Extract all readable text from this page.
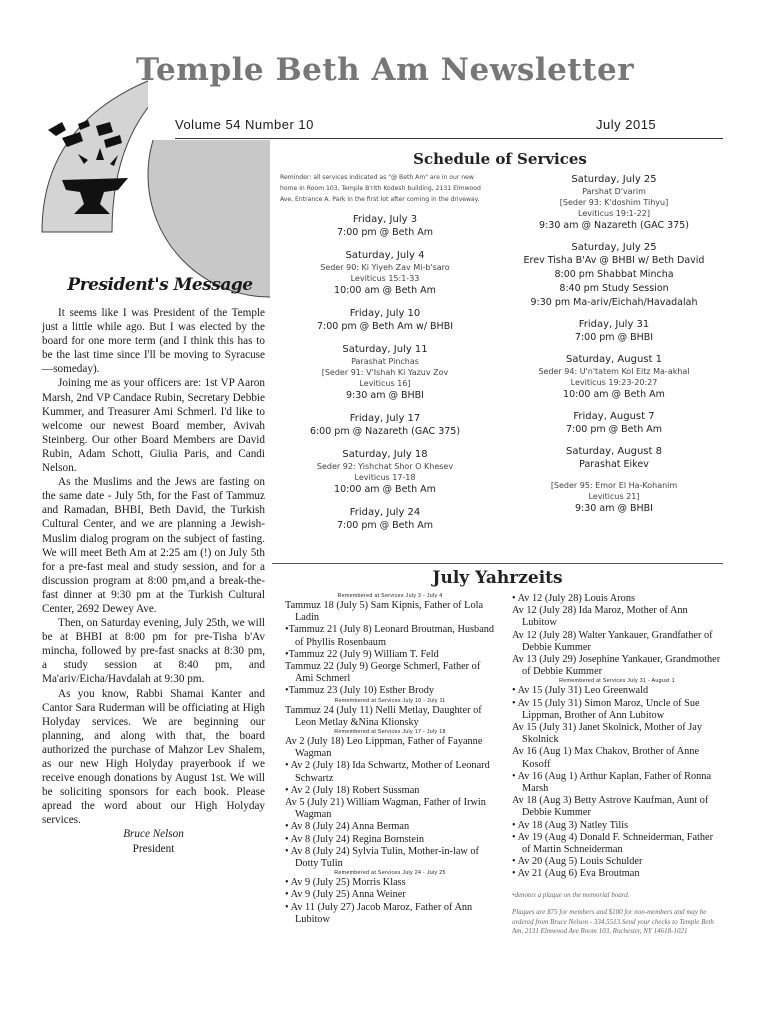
Temple Beth Am Newsletter
Volume 54 Number 10	July 2015
Schedule of Services
Reminder: all services indicated as "@ Beth Am" are in our new home in Room 103, Temple B'rith Kodesh building, 2131 Elmwood Ave, Entrance A. Park in the first lot after coming in the driveway.
Friday, July 3
7:00 pm @ Beth Am
Saturday, July 4
Seder 90: Ki Yiyeh Zav Mi-b'saro
Leviticus 15:1-33
10:00 am @ Beth Am
Friday, July 10
7:00 pm @ Beth Am w/ BHBI
Saturday, July 11
Parashat Pinchas
[Seder 91: V'Ishah Ki Yazuv Zov
Leviticus 16]
9:30 am @ BHBI
Friday, July 17
6:00 pm @ Nazareth (GAC 375)
Saturday, July 18
Seder 92: Yishchat Shor O Khesev
Leviticus 17-18
10:00 am @ Beth Am
Friday, July 24
7:00 pm @ Beth Am
Saturday, July 25
Parshat D'varim
[Seder 93: K'doshim Tihyu]
Leviticus 19:1-22]
9:30 am @ Nazareth (GAC 375)
Saturday, July 25
Erev Tisha B'Av @ BHBI w/ Beth David
8:00 pm Shabbat Mincha
8:40 pm Study Session
9:30 pm Ma-ariv/Eichah/Havadalah
Friday, July 31
7:00 pm @ BHBI
Saturday, August 1
Seder 94: U'n'tatem Kol Eitz Ma-akhal
Leviticus 19:23-20:27
10:00 am @ Beth Am
Friday, August 7
7:00 pm @ Beth Am
Saturday, August 8
Parashat Eikev
[Seder 95: Emor El Ha-Kohanim
Leviticus 21]
9:30 am @ BHBI
President's Message

It seems like I was President of the Temple just a little while ago. But I was elected by the board for one more term (and I think this has to be the last time since I'll be moving to Syracuse—someday).

Joining me as your officers are: 1st VP Aaron Marsh, 2nd VP Candace Rubin, Secretary Debbie Kummer, and Treasurer Ami Schmerl. I'd like to welcome our newest Board member, Avivah Steinberg. Our other Board Members are David Rubin, Adam Schott, Giulia Paris, and Candi Nelson.

As the Muslims and the Jews are fasting on the same date - July 5th, for the Fast of Tammuz and Ramadan, BHBI, Beth David, the Turkish Cultural Center, and we are planning a Jewish-Muslim dialog program on the subject of fasting. We will meet Beth Am at 2:25 am (!) on July 5th for a pre-fast meal and study session, and for a discussion program at 8:00 pm,and a break-the-fast dinner at 9:30 pm at the Turkish Cultural Center, 2692 Dewey Ave.

Then, on Saturday evening, July 25th, we will be at BHBI at 8:00 pm for pre-Tisha b'Av mincha, followed by pre-fast snacks at 8:30 pm, a study session at 8:40 pm, and Ma'ariv/Eicha/Havdalah at 9:30 pm.

As you know, Rabbi Shamai Kanter and Cantor Sara Ruderman will be officiating at High Holyday services. We are beginning our planning, and along with that, the board authorized the purchase of Mahzor Lev Shalem, as our new High Holyday prayerbook if we receive enough donations by August 1st. We will be soliciting sponsors for each book. Please apread the word about our High Holyday services.

Bruce Nelson
President
July Yahrzeits
Remembered at Services July 3 - July 4
Tammuz 18 (July 5) Sam Kipnis, Father of Lola Ladin
•Tammuz 21 (July 8) Leonard Broutman, Husband of Phyllis Rosenbaum
•Tammuz 22 (July 9) William T. Feld
Tammuz 22 (July 9) George Schmerl, Father of Ami Schmerl
•Tammuz 23 (July 10) Esther Brody
Remembered at Services July 10 - July 11
Tammuz 24 (July 11) Nelli Metlay, Daughter of Leon Metlay &Nina Klionsky
Remembered at Services July 17 - July 18
Av 2 (July 18) Leo Lippman, Father of Fayanne Wagman
• Av 2 (July 18) Ida Schwartz, Mother of Leonard Schwartz
• Av 2 (July 18) Robert Sussman
Av 5 (July 21) William Wagman, Father of Irwin Wagman
• Av 8 (July 24) Anna Berman
• Av 8 (July 24) Regina Bornstein
• Av 8 (July 24) Sylvia Tulin, Mother-in-law of Dotty Tulin
Remembered at Services July 24 - July 25
• Av 9 (July 25) Morris Klass
• Av 9 (July 25) Anna Weiner
• Av 11 (July 27) Jacob Maroz, Father of Ann Lubitow
• Av 12 (July 28) Louis Arons
Av 12 (July 28) Ida Maroz, Mother of Ann Lubitow
Av 12 (July 28) Walter Yankauer, Grandfather of Debbie Kummer
Av 13 (July 29) Josephine Yankauer, Grandmother of Debbie Kummer
Remembered at Services July 31 - August 1
• Av 15 (July 31) Leo Greenwald
• Av 15 (July 31) Simon Maroz, Uncle of Sue Lippman, Brother of Ann Lubitow
Av 15 (July 31) Janet Skolnick, Mother of Jay Skolnick
Av 16 (Aug 1) Max Chakov, Brother of Anne Kosoff
• Av 16 (Aug 1) Arthur Kaplan, Father of Ronna Marsh
Av 18 (Aug 3) Betty Astrove Kaufman, Aunt of Debbie Kummer
• Av 18 (Aug 3) Natley Tilis
• Av 19 (Aug 4) Donald F. Schneiderman, Father of Martin Schneiderman
• Av 20 (Aug 5) Louis Schulder
• Av 21 (Aug 6) Eva Broutman
•denotes a plaque on the memorial board.
Plaques are $75 for members and $100 for non-members and may be ordered from Bruce Nelson - 334.5513.Send your checks to Temple Beth Am, 2131 Elmwood Ave Room 103, Rochester, NY 14618-1021
